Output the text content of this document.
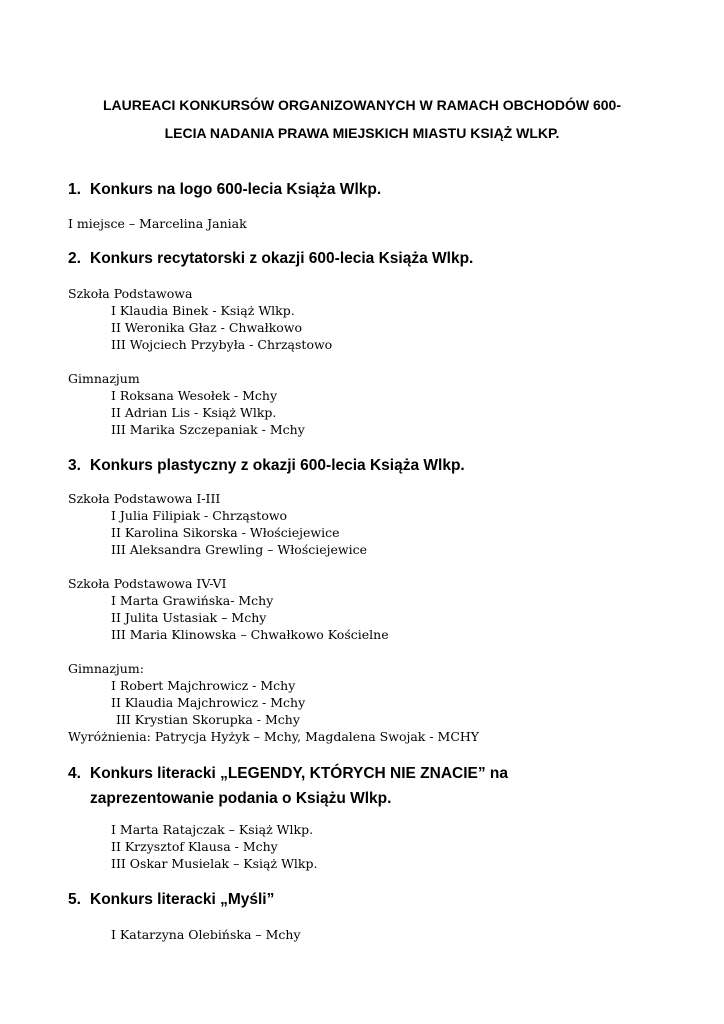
LAUREACI KONKURSÓW ORGANIZOWANYCH W RAMACH OBCHODÓW 600-
LECIA NADANIA PRAWA MIEJSKICH MIASTU KSIĄŻ WLKP.
1. Konkurs na logo 600-lecia Książa Wlkp.
I miejsce – Marcelina Janiak
2. Konkurs recytatorski z okazji 600-lecia Książa Wlkp.
Szkoła Podstawowa
I Klaudia Binek - Książ Wlkp.
II Weronika Głaz - Chwałkowo
III Wojciech Przybyła - Chrząstowo
Gimnazjum
I Roksana Wesołek - Mchy
II Adrian Lis - Książ Wlkp.
III Marika Szczepaniak - Mchy
3. Konkurs plastyczny z okazji 600-lecia Książa Wlkp.
Szkoła Podstawowa I-III
I Julia Filipiak - Chrząstowo
II Karolina Sikorska - Włościejewice
III Aleksandra Grewling – Włościejewice
Szkoła Podstawowa IV-VI
I Marta Grawińska- Mchy
II Julita Ustasiak – Mchy
III Maria Klinowska – Chwałkowo Kościelne
Gimnazjum:
I Robert Majchrowicz - Mchy
II Klaudia Majchrowicz - Mchy
III Krystian Skorupka - Mchy
Wyróżnienia: Patrycja Hyżyk – Mchy, Magdalena Swojak - MCHY
4. Konkurs literacki „LEGENDY, KTÓRYCH NIE ZNACIE” na
zaprezentowanie podania o Książu Wlkp.
I Marta Ratajczak – Książ Wlkp.
II Krzysztof Klausa - Mchy
III Oskar Musielak – Książ Wlkp.
5. Konkurs literacki „Myśli”
I Katarzyna Olebińska – Mchy
